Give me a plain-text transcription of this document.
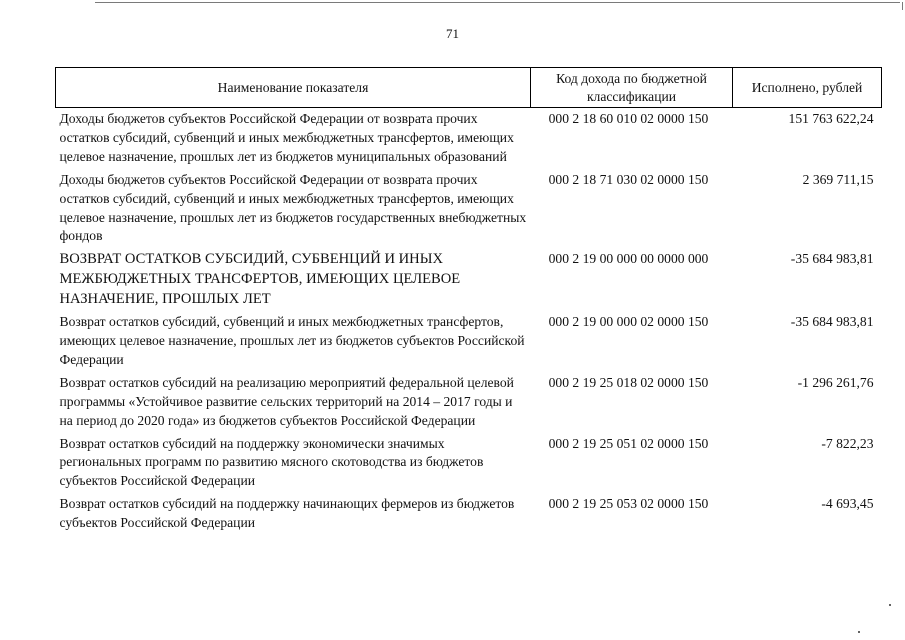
71
Наименование показателя	Код дохода по бюджетной классификации	Исполнено, рублей
Доходы бюджетов субъектов Российской Федерации от возврата прочих остатков субсидий, субвенций и иных межбюджетных трансфертов, имеющих целевое назначение, прошлых лет из бюджетов муниципальных образований	000 2 18 60 010 02 0000 150	151 763 622,24
Доходы бюджетов субъектов Российской Федерации от возврата прочих остатков субсидий, субвенций и иных межбюджетных трансфертов, имеющих целевое назначение, прошлых лет из бюджетов государственных внебюджетных фондов	000 2 18 71 030 02 0000 150	2 369 711,15
ВОЗВРАТ ОСТАТКОВ СУБСИДИЙ, СУБВЕНЦИЙ И ИНЫХ МЕЖБЮДЖЕТНЫХ ТРАНСФЕРТОВ, ИМЕЮЩИХ ЦЕЛЕВОЕ НАЗНАЧЕНИЕ, ПРОШЛЫХ ЛЕТ	000 2 19 00 000 00 0000 000	-35 684 983,81
Возврат остатков субсидий, субвенций и иных межбюджетных трансфертов, имеющих целевое назначение, прошлых лет из бюджетов субъектов Российской Федерации	000 2 19 00 000 02 0000 150	-35 684 983,81
Возврат остатков субсидий на реализацию мероприятий федеральной целевой программы «Устойчивое развитие сельских территорий на 2014 – 2017 годы и на период до 2020 года» из бюджетов субъектов Российской Федерации	000 2 19 25 018 02 0000 150	-1 296 261,76
Возврат остатков субсидий на поддержку экономически значимых региональных программ по развитию мясного скотоводства из бюджетов субъектов Российской Федерации	000 2 19 25 051 02 0000 150	-7 822,23
Возврат остатков субсидий на поддержку начинающих фермеров из бюджетов субъектов Российской Федерации	000 2 19 25 053 02 0000 150	-4 693,45
